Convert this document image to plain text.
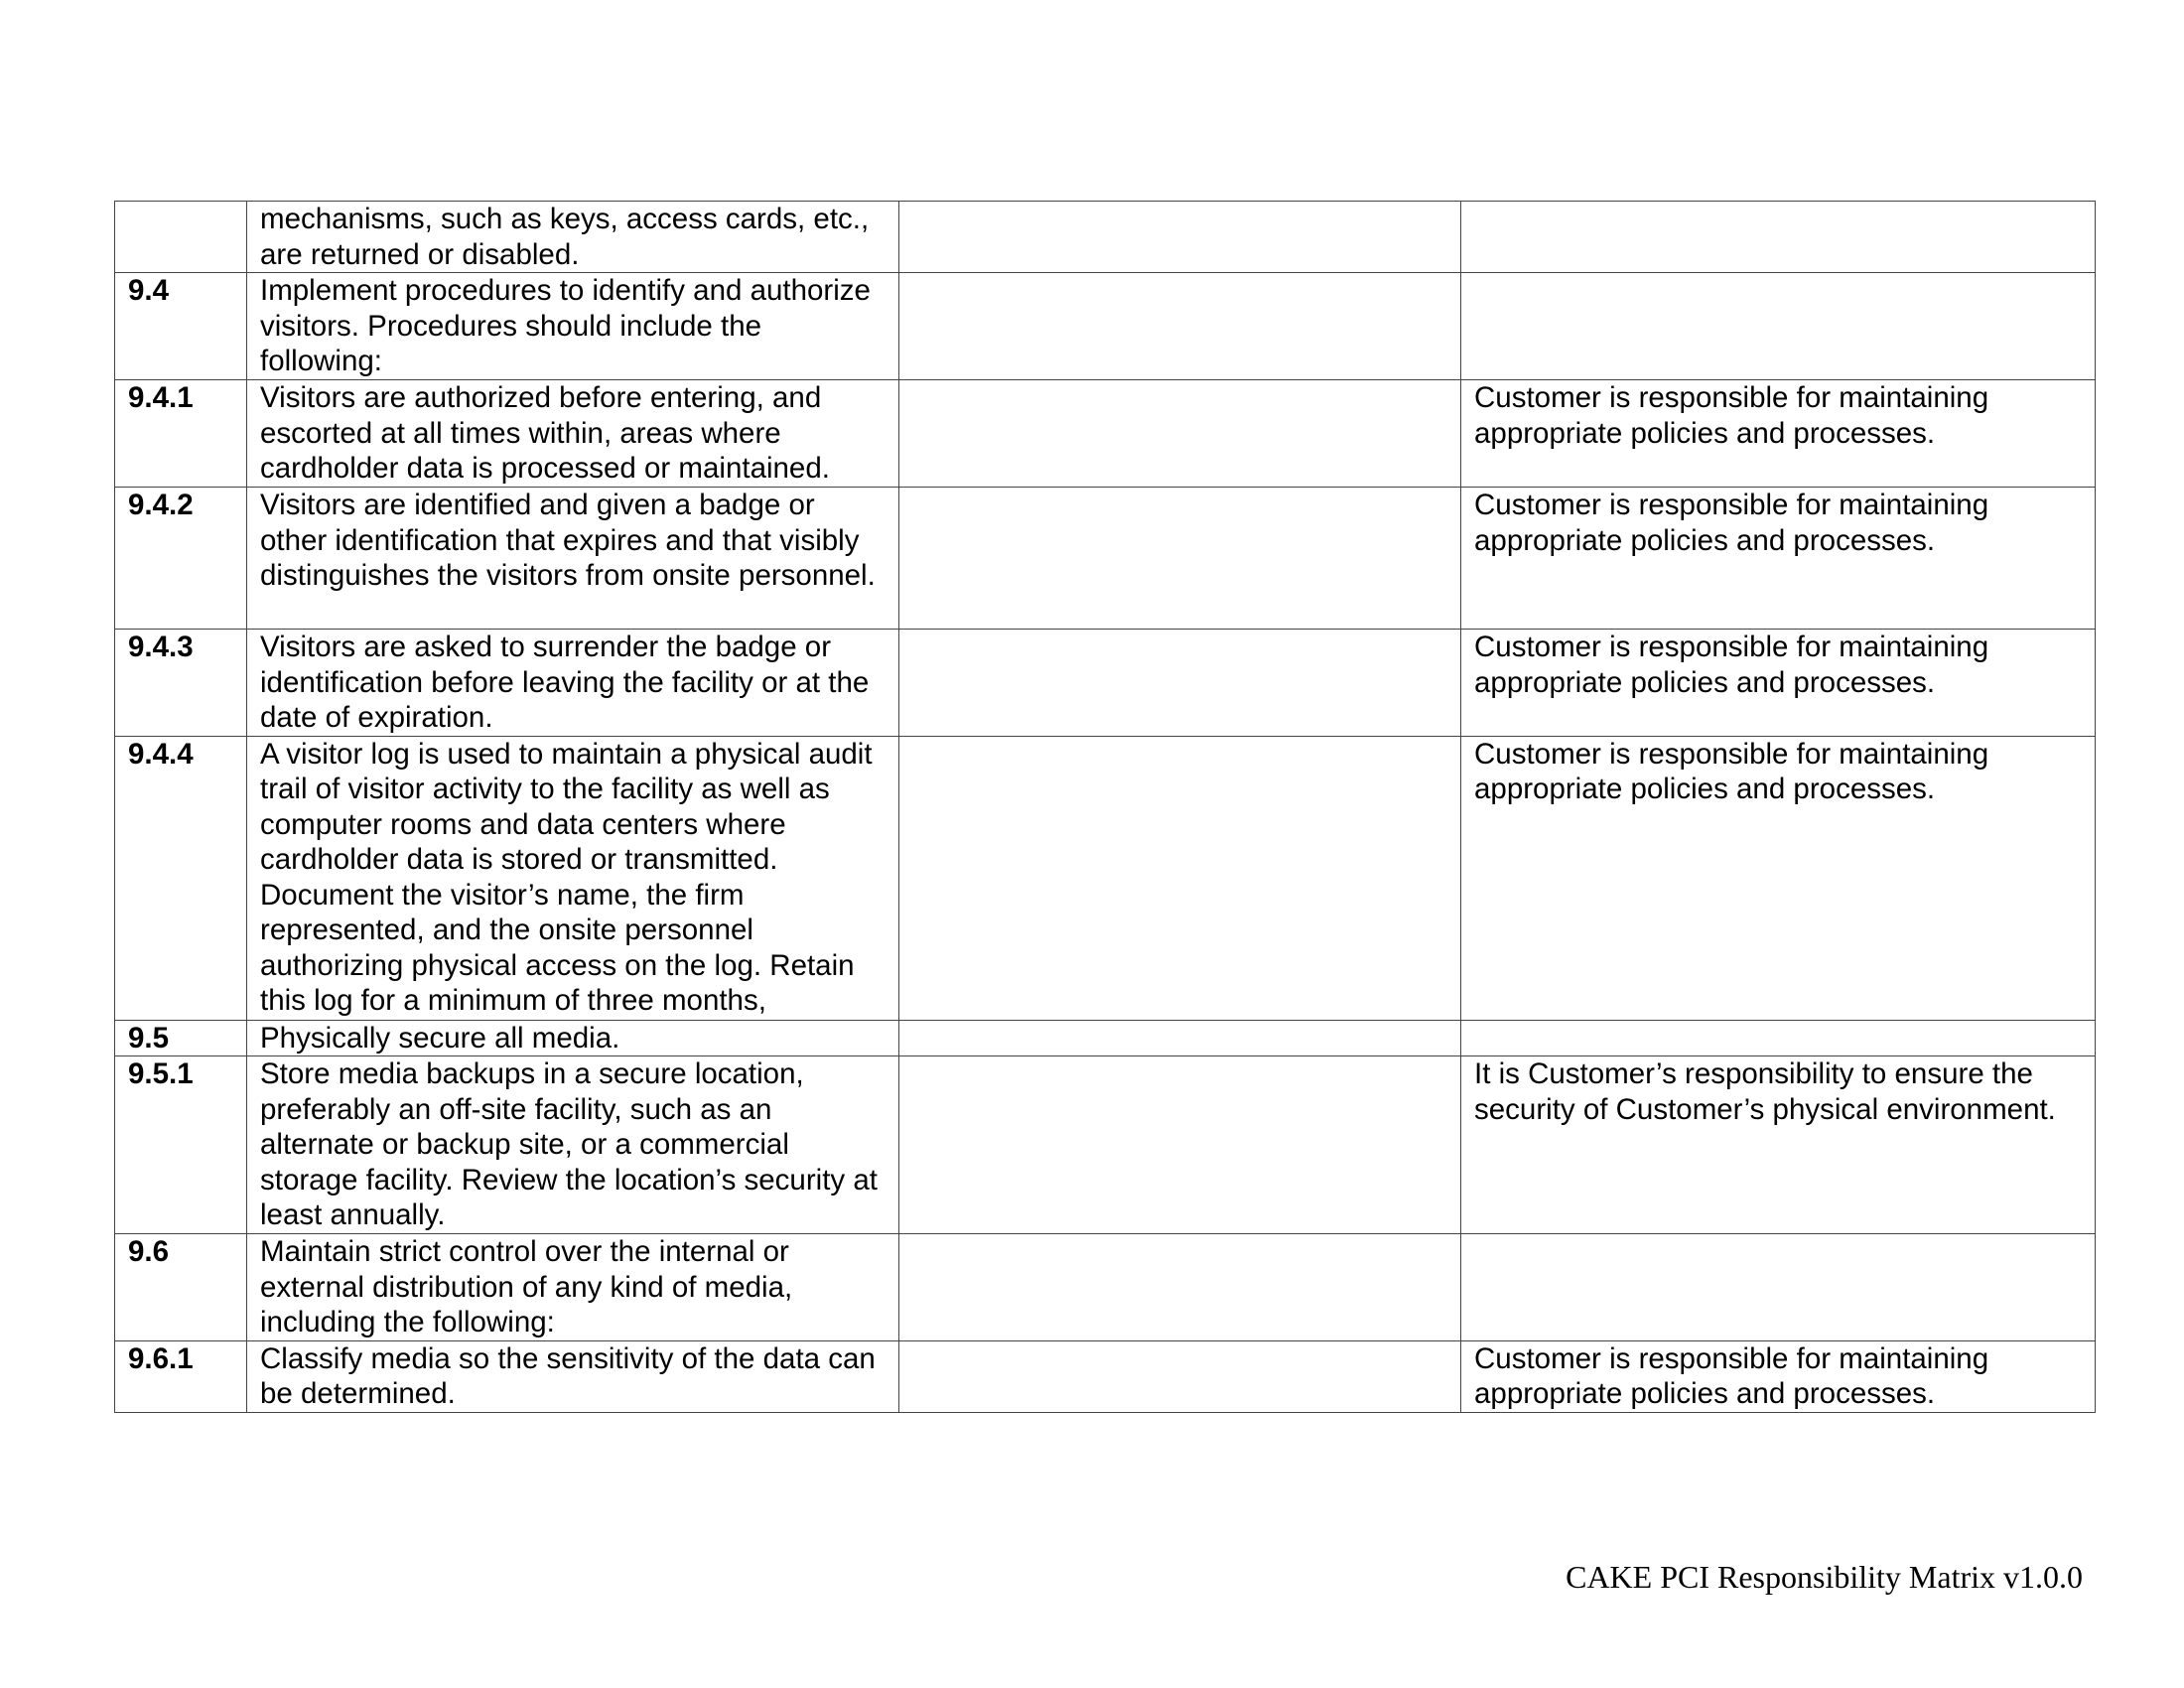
	mechanisms, such as keys, access cards, etc., are returned or disabled.		
9.4	Implement procedures to identify and authorize visitors. Procedures should include the following:		
9.4.1	Visitors are authorized before entering, and escorted at all times within, areas where cardholder data is processed or maintained.		Customer is responsible for maintaining appropriate policies and processes.
9.4.2	Visitors are identified and given a badge or other identification that expires and that visibly distinguishes the visitors from onsite personnel.		Customer is responsible for maintaining appropriate policies and processes.
9.4.3	Visitors are asked to surrender the badge or identification before leaving the facility or at the date of expiration.		Customer is responsible for maintaining appropriate policies and processes.
9.4.4	A visitor log is used to maintain a physical audit trail of visitor activity to the facility as well as computer rooms and data centers where cardholder data is stored or transmitted. Document the visitor’s name, the firm represented, and the onsite personnel authorizing physical access on the log. Retain this log for a minimum of three months,		Customer is responsible for maintaining appropriate policies and processes.
9.5	Physically secure all media.		
9.5.1	Store media backups in a secure location, preferably an off-site facility, such as an alternate or backup site, or a commercial storage facility. Review the location’s security at least annually.		It is Customer’s responsibility to ensure the security of Customer’s physical environment.
9.6	Maintain strict control over the internal or external distribution of any kind of media, including the following:		
9.6.1	Classify media so the sensitivity of the data can be determined.		Customer is responsible for maintaining appropriate policies and processes.
CAKE PCI Responsibility Matrix v1.0.0
